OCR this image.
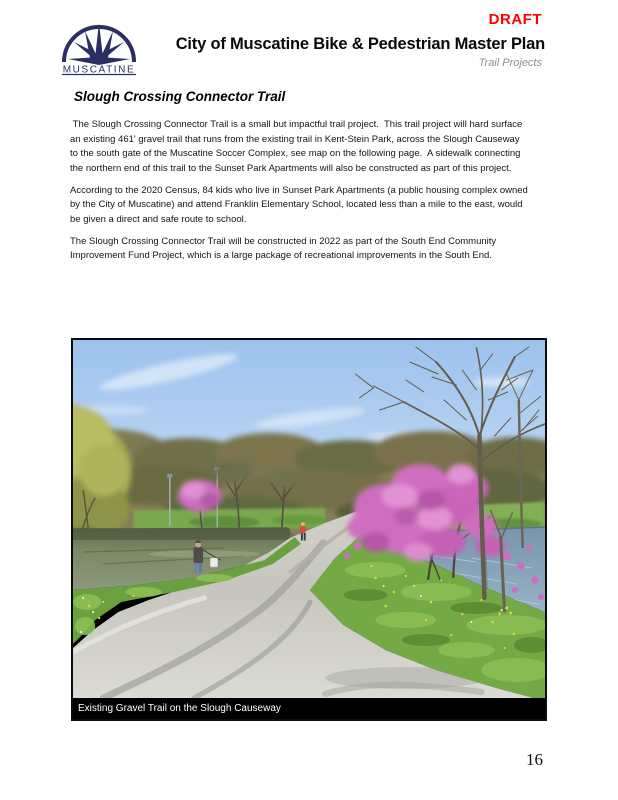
DRAFT
MUSCATINE
City of Muscatine Bike & Pedestrian Master Plan
Trail Projects
Slough Crossing Connector Trail

The Slough Crossing Connector Trail is a small but impactful trail project.  This trail project will hard surface an existing 461' gravel trail that runs from the existing trail in Kent-Stein Park, across the Slough Causeway to the south gate of the Muscatine Soccer Complex, see map on the following page.  A sidewalk connecting the northern end of this trail to the Sunset Park Apartments will also be constructed as part of this project.

According to the 2020 Census, 84 kids who live in Sunset Park Apartments (a public housing complex owned by the City of Muscatine) and attend Franklin Elementary School, located less than a mile to the east, would be given a direct and safe route to school.

The Slough Crossing Connector Trail will be constructed in 2022 as part of the South End Community Improvement Fund Project, which is a large package of recreational improvements in the South End.

Existing Gravel Trail on the Slough Causeway
16
